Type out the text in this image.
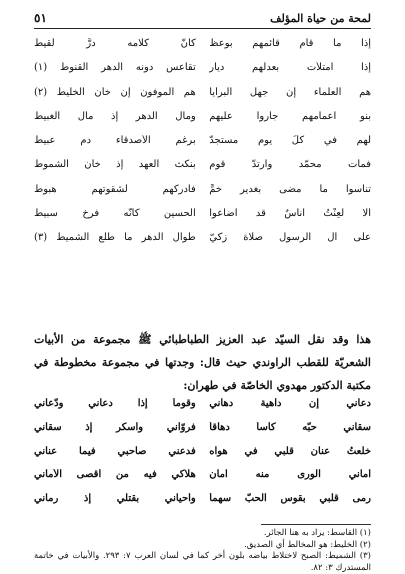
لمحة من حياة المؤلف
٥١
إذا ما قام قائمهم بوعظ
كأنَّ كلامه درٌّ لقيط
إذا امتلأت بعدلهم ديار
تقاعس دونه الدهر القنوط (١)
هم العلماء إن جهل البرايا
هم الموفون إن خان الخليط (٢)
بنو أعمامهم جاروا عليهم
ومال الدهر إذ مال الغبيط
لهم في كلِّ يوم مستجدّ
برغم الأصدقاء دم عبيط
فمات محمّد وارتدّ قوم
بنكث العهد إذ خان الشموط
تناسوا ما مضى بغدير خمٍّ
فأدركهم لشقوتهم هبوط
ألا لُعِنْتُ أُناسٌ قد أضاعوا
الحسين كأنّه فرخ سبيط
على آل الرسول صلاة زكيّ
طوال الدهر ما طلع الشميط (٣)
هذا وقد نقل السيّد عبد العزيز الطباطبائي ﷺ مجموعة من الأبيات الشعريّة للقطب الراوندي حيث قال: وجدتها في مجموعة مخطوطة في مكتبة الدكتور مهدوي الخاصّة في طهران:
دعاني إن داهية دهاني
وقوماً إذا دعاني ودّعاني
سقاني حبّه كأساً دهاقاً
فروّاني وأسكر إذ سقاني
خلعتُ عنان قلبي في هواه
فدعني صاحبي فيما عناني
أماني الورى منه أمان
هلاكي فيه من أقصى الأماني
رمى قلبي بقوس الحبّ سهماً
وأحياني بقتلي إذ رماني
(١) القاسط: يراد به هنا الجائر.
(٢) الخليط: هو المخالط أي الصديق.
(٣) الشميط: الصبح لاختلاط بياضه بلون أخر كما في لسان العرب ٧: ٢٩٣. والأبيات في خاتمة المستدرك ٣: ٨٢.
